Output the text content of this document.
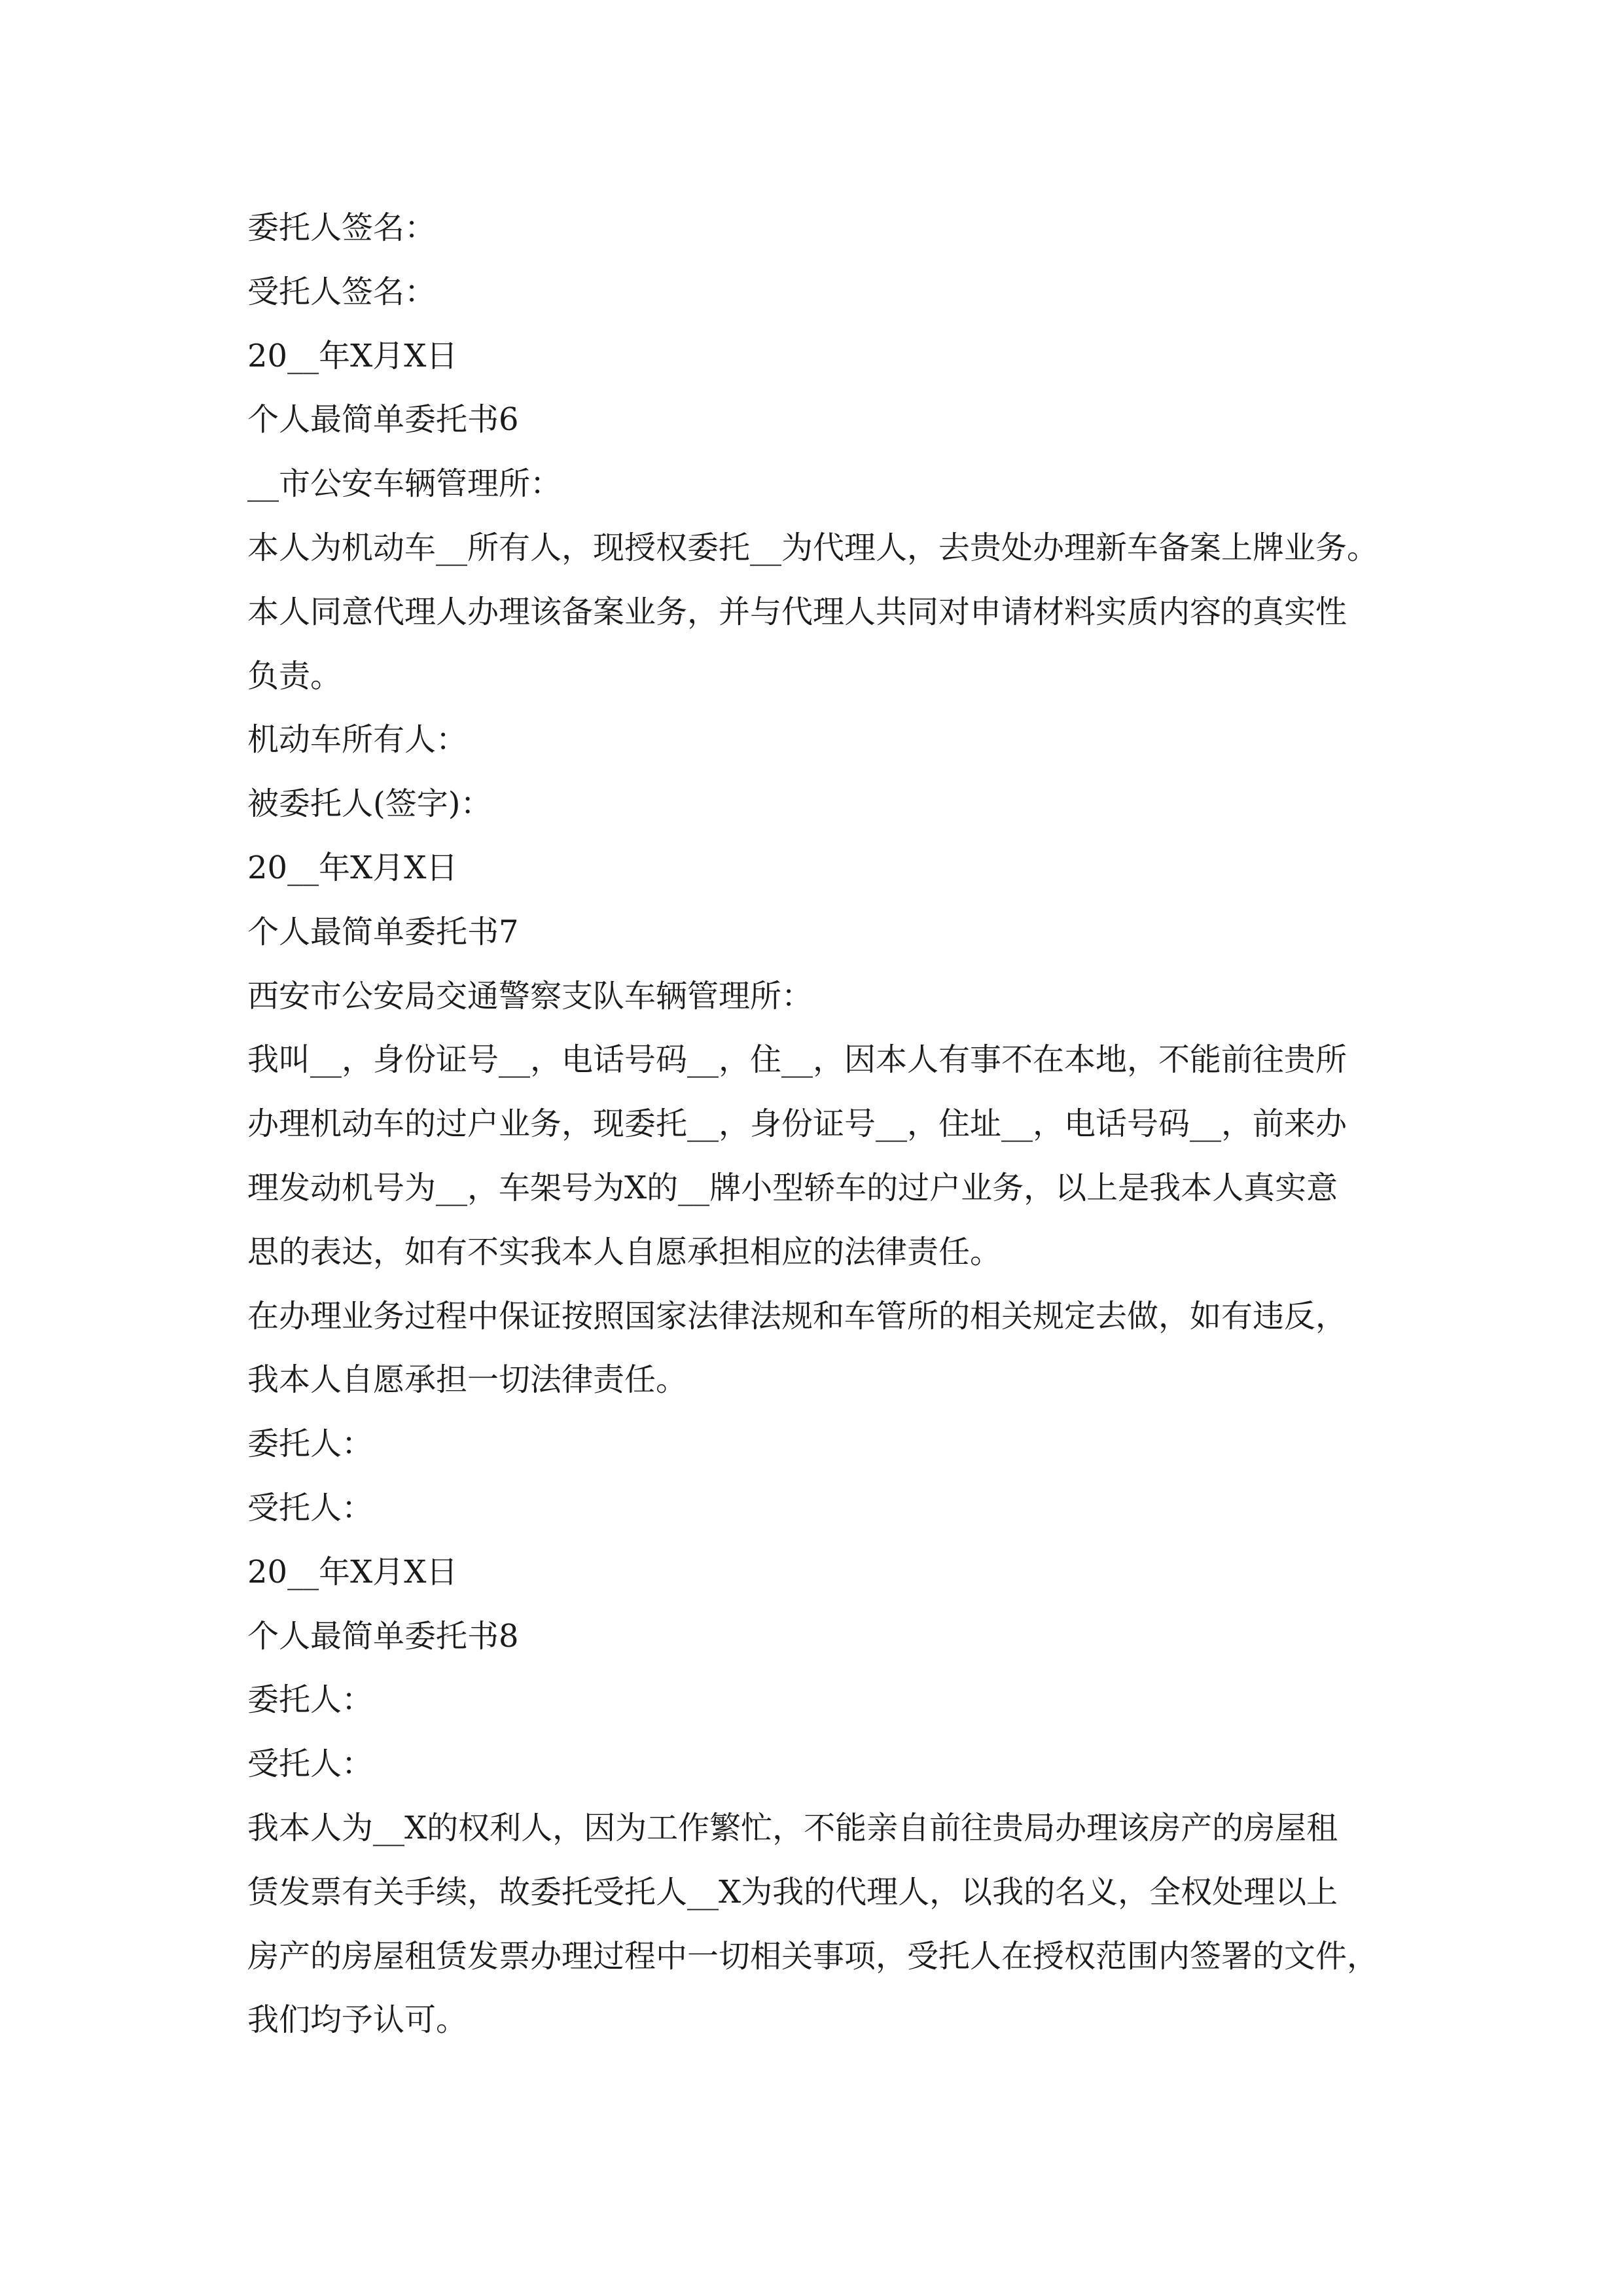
委托人签名：

受托人签名：

20__年X月X日

个人最简单委托书6

__市公安车辆管理所：

本人为机动车__所有人，现授权委托__为代理人，去贵处办理新车备案上牌业务。

本人同意代理人办理该备案业务，并与代理人共同对申请材料实质内容的真实性

负责。

机动车所有人：

被委托人(签字)：

20__年X月X日

个人最简单委托书7

西安市公安局交通警察支队车辆管理所：

我叫__，身份证号__，电话号码__，住__，因本人有事不在本地，不能前往贵所

办理机动车的过户业务，现委托__，身份证号__，住址__，电话号码__，前来办

理发动机号为__，车架号为X的__牌小型轿车的过户业务，以上是我本人真实意

思的表达，如有不实我本人自愿承担相应的法律责任。

在办理业务过程中保证按照国家法律法规和车管所的相关规定去做，如有违反，

我本人自愿承担一切法律责任。

委托人：

受托人：

20__年X月X日

个人最简单委托书8

委托人：

受托人：

我本人为__X的权利人，因为工作繁忙，不能亲自前往贵局办理该房产的房屋租

赁发票有关手续，故委托受托人__X为我的代理人，以我的名义，全权处理以上

房产的房屋租赁发票办理过程中一切相关事项，受托人在授权范围内签署的文件，

我们均予认可。
